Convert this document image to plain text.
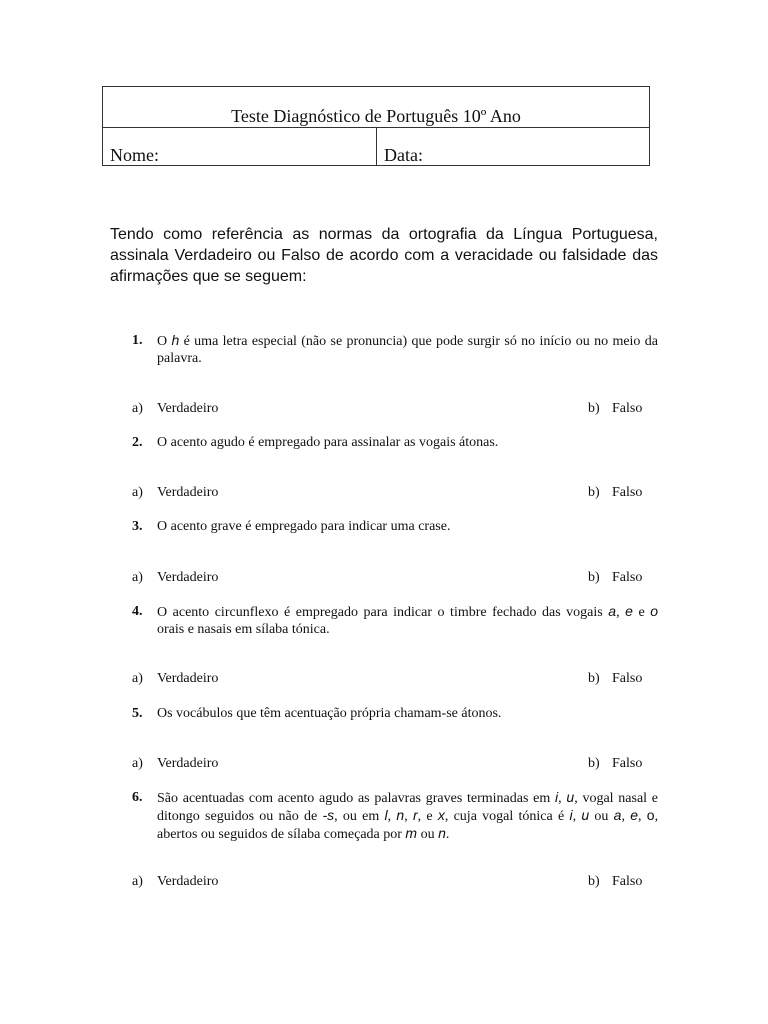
Teste Diagnóstico de Português 10º Ano
Nome:	Data:

Tendo como referência as normas da ortografia da Língua Portuguesa, assinala Verdadeiro ou Falso de acordo com a veracidade ou falsidade das afirmações que se seguem:

1. O h é uma letra especial (não se pronuncia) que pode surgir só no início ou no meio da palavra.
a) Verdadeiro	b) Falso
2. O acento agudo é empregado para assinalar as vogais átonas.
a) Verdadeiro	b) Falso
3. O acento grave é empregado para indicar uma crase.
a) Verdadeiro	b) Falso
4. O acento circunflexo é empregado para indicar o timbre fechado das vogais a, e e o orais e nasais em sílaba tónica.
a) Verdadeiro	b) Falso
5. Os vocábulos que têm acentuação própria chamam-se átonos.
a) Verdadeiro	b) Falso
6. São acentuadas com acento agudo as palavras graves terminadas em i, u, vogal nasal e ditongo seguidos ou não de -s, ou em l, n, r, e x, cuja vogal tónica é i, u ou a, e, o, abertos ou seguidos de sílaba começada por m ou n.
a) Verdadeiro	b) Falso
